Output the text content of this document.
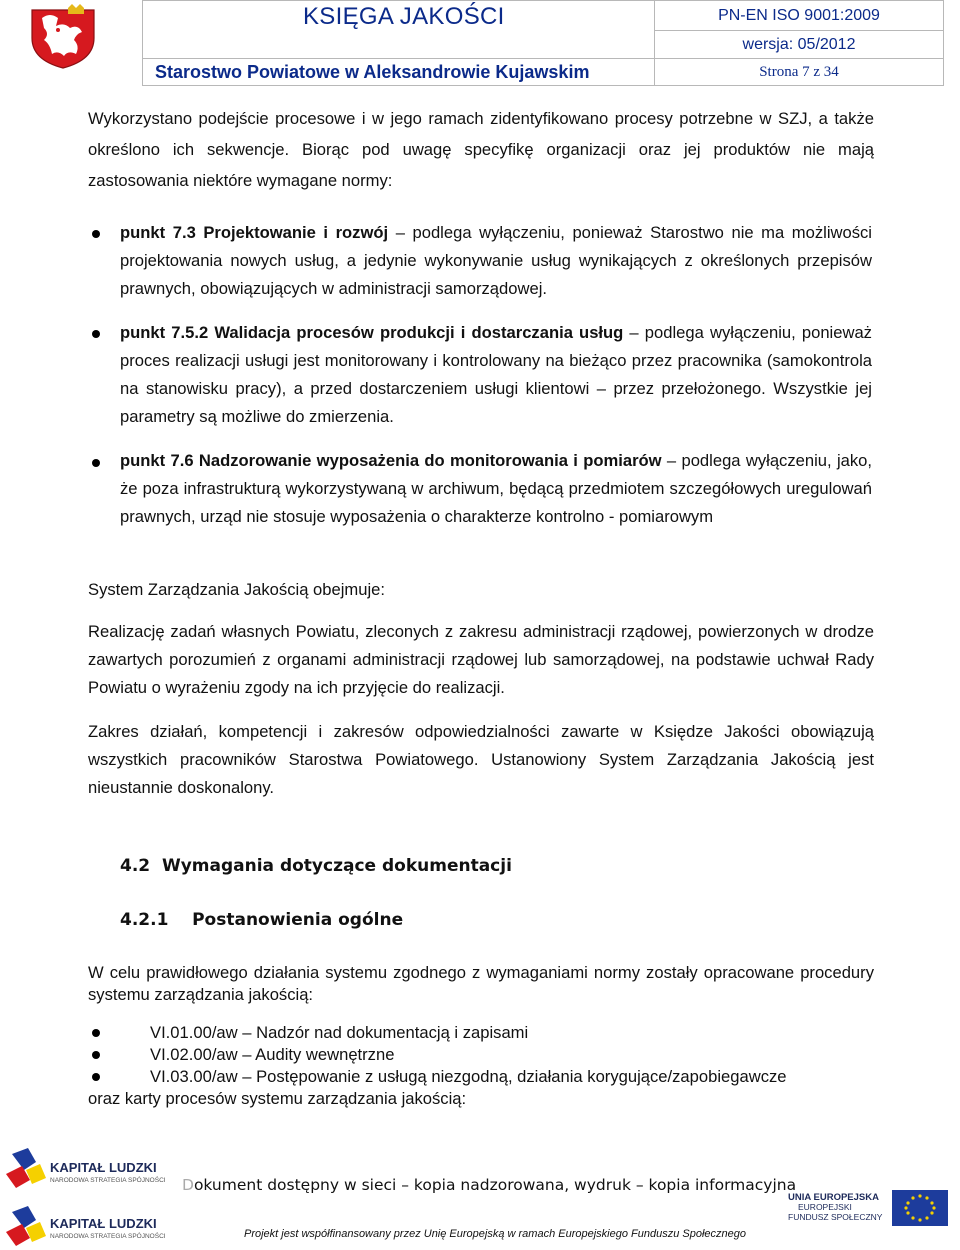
KSIĘGA JAKOŚCI	PN-EN ISO 9001:2009
wersja: 05/2012
Starostwo Powiatowe w Aleksandrowie Kujawskim	Strona 7 z 34
Wykorzystano podejście procesowe i w jego ramach zidentyfikowano procesy potrzebne w SZJ, a także określono ich sekwencje. Biorąc pod uwagę specyfikę organizacji oraz jej produktów nie mają zastosowania niektóre wymagane normy:
punkt 7.3 Projektowanie i rozwój – podlega wyłączeniu, ponieważ Starostwo nie ma możliwości projektowania nowych usług, a jedynie wykonywanie usług wynikających z określonych przepisów prawnych, obowiązujących w administracji samorządowej.
punkt 7.5.2 Walidacja procesów produkcji i dostarczania usług – podlega wyłączeniu, ponieważ proces realizacji usługi jest monitorowany i kontrolowany na bieżąco przez pracownika (samokontrola na stanowisku pracy), a przed dostarczeniem usługi klientowi – przez przełożonego. Wszystkie jej parametry są możliwe do zmierzenia.
punkt 7.6 Nadzorowanie wyposażenia do monitorowania i pomiarów – podlega wyłączeniu, jako, że poza infrastrukturą wykorzystywaną w archiwum, będącą przedmiotem szczegółowych uregulowań prawnych, urząd nie stosuje wyposażenia o charakterze kontrolno - pomiarowym
System Zarządzania Jakością obejmuje:
Realizację zadań własnych Powiatu, zleconych z zakresu administracji rządowej, powierzonych w drodze zawartych porozumień z organami administracji rządowej lub samorządowej, na podstawie uchwał Rady Powiatu o wyrażeniu zgody na ich przyjęcie do realizacji.
Zakres działań, kompetencji i zakresów odpowiedzialności zawarte w Księdze Jakości obowiązują wszystkich pracowników Starostwa Powiatowego. Ustanowiony System Zarządzania Jakością jest nieustannie doskonalony.
4.2 Wymagania dotyczące dokumentacji
4.2.1 Postanowienia ogólne
W celu prawidłowego działania systemu zgodnego z wymaganiami normy zostały opracowane procedury systemu zarządzania jakością:
VI.01.00/aw – Nadzór nad dokumentacją i zapisami
VI.02.00/aw – Audity wewnętrzne
VI.03.00/aw – Postępowanie z usługą niezgodną, działania korygujące/zapobiegawcze
oraz karty procesów systemu zarządzania jakością:
KAPITAŁ LUDZKI
NARODOWA STRATEGIA SPÓJNOŚCI
KAPITAŁ LUDZKI
NARODOWA STRATEGIA SPÓJNOŚCI
Dokument dostępny w sieci – kopia nadzorowana, wydruk – kopia informacyjna
Projekt jest współfinansowany przez Unię Europejską w ramach Europejskiego Funduszu Społecznego
UNIA EUROPEJSKA
EUROPEJSKI
FUNDUSZ SPOŁECZNY
